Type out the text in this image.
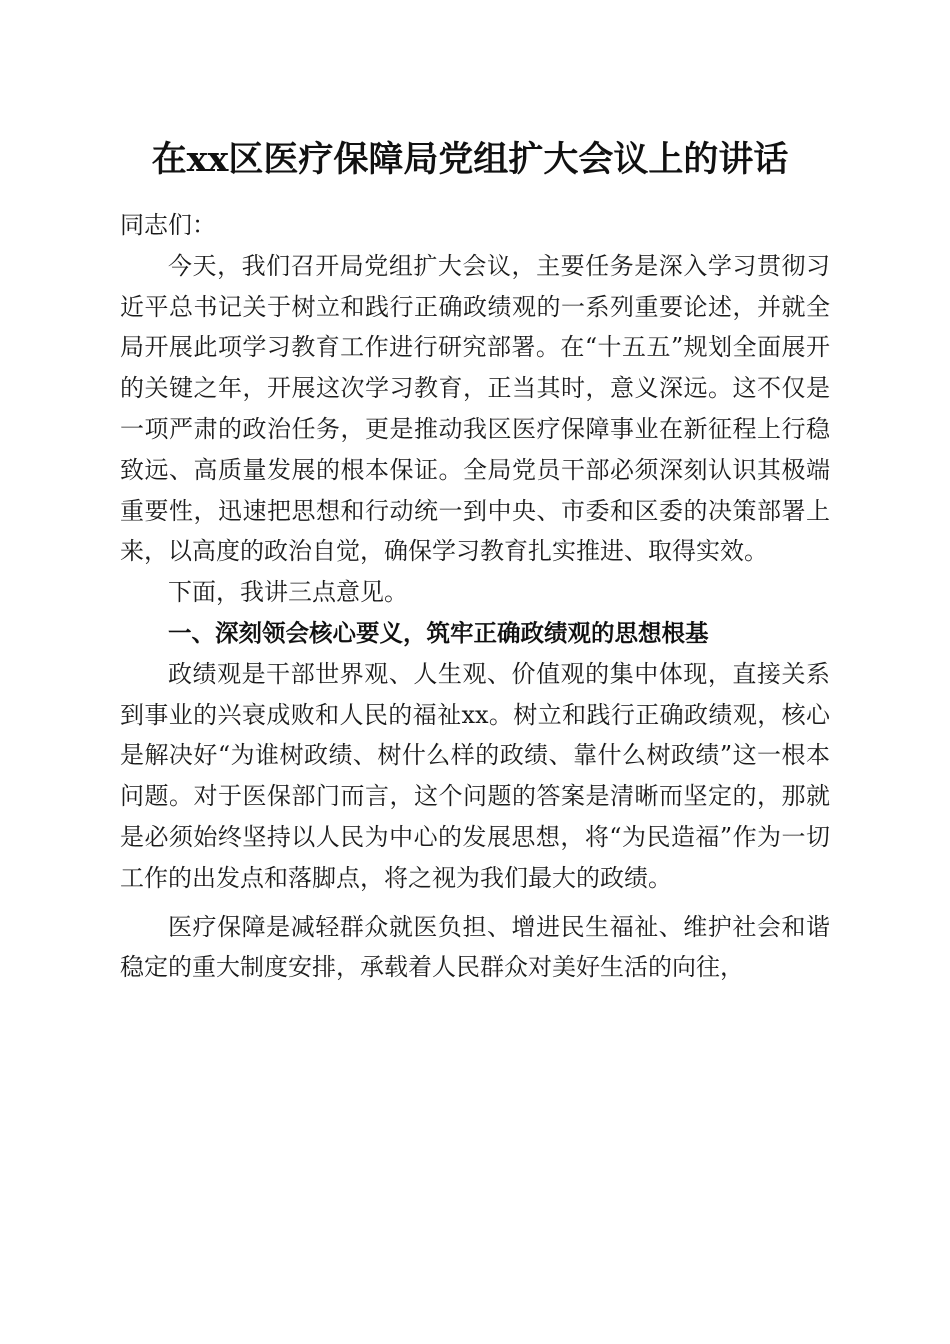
在xx区医疗保障局党组扩大会议上的讲话

同志们：

今天，我们召开局党组扩大会议，主要任务是深入学习贯彻习近平总书记关于树立和践行正确政绩观的一系列重要论述，并就全局开展此项学习教育工作进行研究部署。在“十五五”规划全面展开的关键之年，开展这次学习教育，正当其时，意义深远。这不仅是一项严肃的政治任务，更是推动我区医疗保障事业在新征程上行稳致远、高质量发展的根本保证。全局党员干部必须深刻认识其极端重要性，迅速把思想和行动统一到中央、市委和区委的决策部署上来，以高度的政治自觉，确保学习教育扎实推进、取得实效。

下面，我讲三点意见。

一、深刻领会核心要义，筑牢正确政绩观的思想根基

政绩观是干部世界观、人生观、价值观的集中体现，直接关系到事业的兴衰成败和人民的福祉xx。树立和践行正确政绩观，核心是解决好“为谁树政绩、树什么样的政绩、靠什么树政绩”这一根本问题。对于医保部门而言，这个问题的答案是清晰而坚定的，那就是必须始终坚持以人民为中心的发展思想，将“为民造福”作为一切工作的出发点和落脚点，将之视为我们最大的政绩。

医疗保障是减轻群众就医负担、增进民生福祉、维护社会和谐稳定的重大制度安排，承载着人民群众对美好生活的向往，
